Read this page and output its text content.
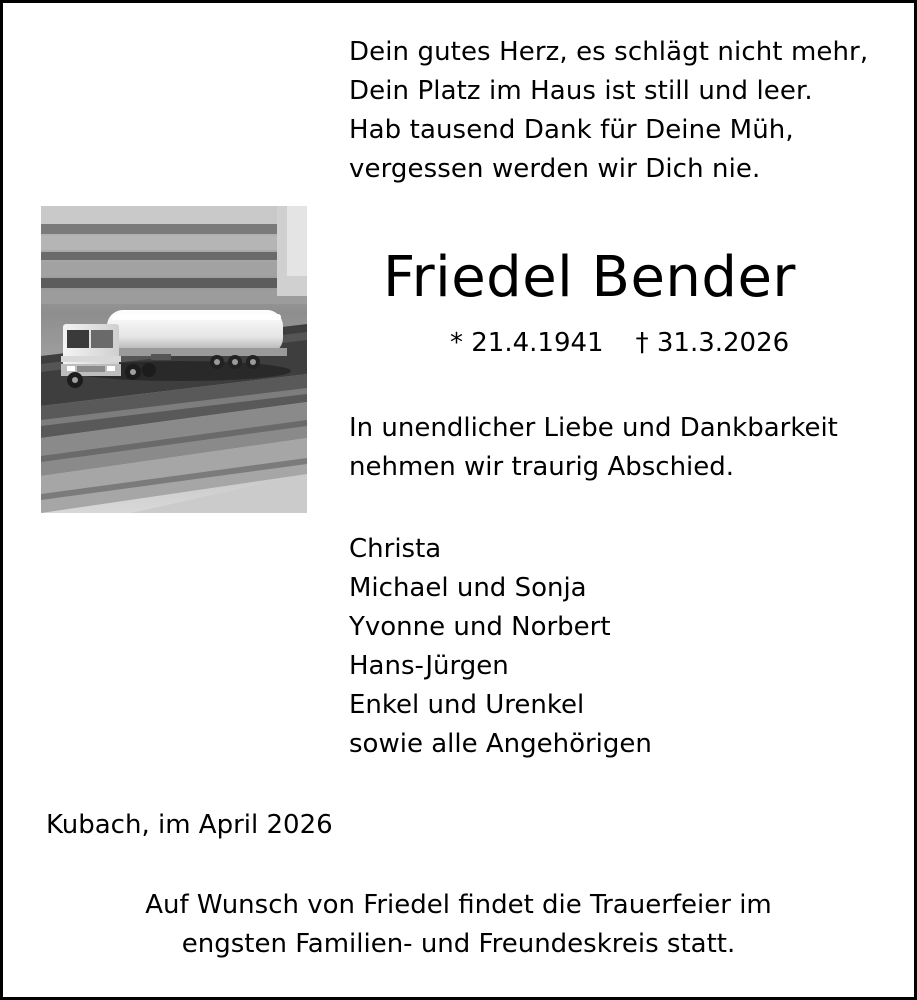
Dein gutes Herz, es schlägt nicht mehr,
Dein Platz im Haus ist still und leer.
Hab tausend Dank für Deine Müh,
vergessen werden wir Dich nie.
Friedel Bender
* 21.4.1941 † 31.3.2026
In unendlicher Liebe und Dankbarkeit
nehmen wir traurig Abschied.
Christa
Michael und Sonja
Yvonne und Norbert
Hans-Jürgen
Enkel und Urenkel
sowie alle Angehörigen
Kubach, im April 2026
Auf Wunsch von Friedel findet die Trauerfeier im
engsten Familien- und Freundeskreis statt.
